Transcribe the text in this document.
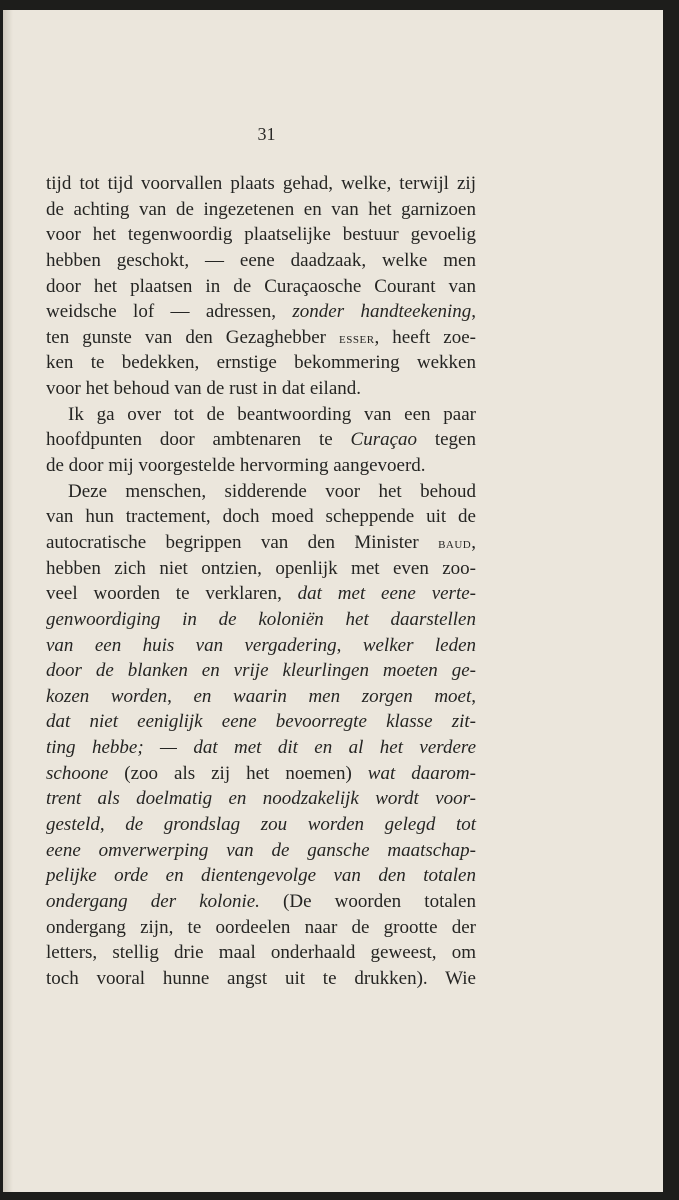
31

tijd tot tijd voorvallen plaats gehad, welke, terwijl zij

de achting van de ingezetenen en van het garnizoen

voor het tegenwoordig plaatselijke bestuur gevoelig

hebben geschokt, — eene daadzaak, welke men

door het plaatsen in de Curaçaosche Courant van

weidsche lof — adressen, zonder handteekening,

ten gunste van den Gezaghebber esser, heeft zoe-

ken te bedekken, ernstige bekommering wekken

voor het behoud van de rust in dat eiland.

Ik ga over tot de beantwoording van een paar

hoofdpunten door ambtenaren te Curaçao tegen

de door mij voorgestelde hervorming aangevoerd.

Deze menschen, sidderende voor het behoud

van hun tractement, doch moed scheppende uit de

autocratische begrippen van den Minister baud,

hebben zich niet ontzien, openlijk met even zoo-

veel woorden te verklaren, dat met eene verte-

genwoordiging in de koloniën het daarstellen

van een huis van vergadering, welker leden

door de blanken en vrije kleurlingen moeten ge-

kozen worden, en waarin men zorgen moet,

dat niet eeniglijk eene bevoorregte klasse zit-

ting hebbe; — dat met dit en al het verdere

schoone (zoo als zij het noemen) wat daarom-

trent als doelmatig en noodzakelijk wordt voor-

gesteld, de grondslag zou worden gelegd tot

eene omverwerping van de gansche maatschap-

pelijke orde en dientengevolge van den totalen

ondergang der kolonie. (De woorden totalen

ondergang zijn, te oordeelen naar de grootte der

letters, stellig drie maal onderhaald geweest, om

toch vooral hunne angst uit te drukken). Wie
